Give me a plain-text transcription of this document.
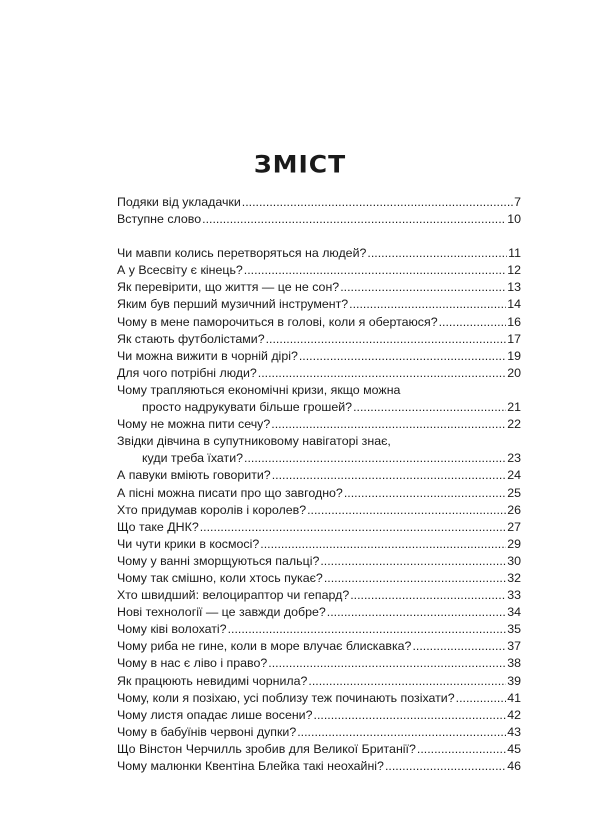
ЗМІСТ
Подяки від укладачки .....	7
Вступне слово .....	10
Чи мавпи колись перетворяться на людей? .....	11
А у Всесвіту є кінець? .....	12
Як перевірити, що життя — це не сон? .....	13
Яким був перший музичний інструмент? .....	14
Чому в мене паморочиться в голові, коли я обертаюся? .....	16
Як стають футболістами? .....	17
Чи можна вижити в чорній дірі? .....	19
Для чого потрібні люди? .....	20
Чому трапляються економічні кризи, якщо можна
просто надрукувати більше грошей? .....	21
Чому не можна пити сечу? .....	22
Звідки дівчина в супутниковому навігаторі знає,
куди треба їхати? .....	23
А павуки вміють говорити? .....	24
А пісні можна писати про що завгодно? .....	25
Хто придумав королів і королев? .....	26
Що таке ДНК? .....	27
Чи чути крики в космосі? .....	29
Чому у ванні зморщуються пальці? .....	30
Чому так смішно, коли хтось пукає? .....	32
Хто швидший: велоцираптор чи гепард? .....	33
Нові технології — це завжди добре? .....	34
Чому ківі волохаті? .....	35
Чому риба не гине, коли в море влучає блискавка? .....	37
Чому в нас є ліво і право? .....	38
Як працюють невидимі чорнила? .....	39
Чому, коли я позіхаю, усі поблизу теж починають позіхати? .....	41
Чому листя опадає лише восени? .....	42
Чому в бабуїнів червоні дупки? .....	43
Що Вінстон Черчилль зробив для Великої Британії? .....	45
Чому малюнки Квентіна Блейка такі неохайні? .....	46
